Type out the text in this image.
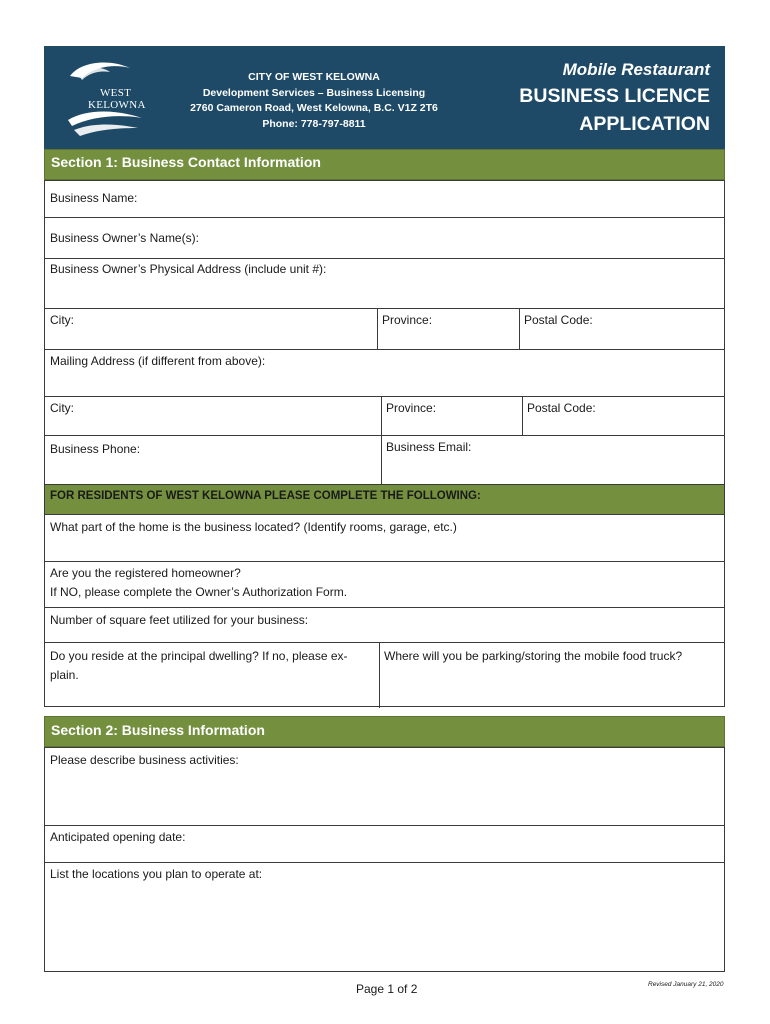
WEST
KELOWNA
CITY OF WEST KELOWNA
Development Services – Business Licensing
2760 Cameron Road, West Kelowna, B.C. V1Z 2T6
Phone: 778-797-8811
Mobile Restaurant
BUSINESS LICENCE
APPLICATION
Section 1: Business Contact Information
FOR RESIDENTS OF WEST KELOWNA PLEASE COMPLETE THE FOLLOWING:
Business Name:
Business Owner’s Name(s):
Business Owner’s Physical Address (include unit #):
City:	Province:	Postal Code:
Mailing Address (if different from above):
City:	Province:	Postal Code:
Business Phone:	Business Email:
What part of the home is the business located? (Identify rooms, garage, etc.)
Are you the registered homeowner?
If NO, please complete the Owner’s Authorization Form.
Number of square feet utilized for your business:
Do you reside at the principal dwelling? If no, please ex-
plain.
Where will you be parking/storing the mobile food truck?
Section 2: Business Information
Please describe business activities:
Anticipated opening date:
List the locations you plan to operate at:
Page 1 of 2	Revised January 21, 2020
